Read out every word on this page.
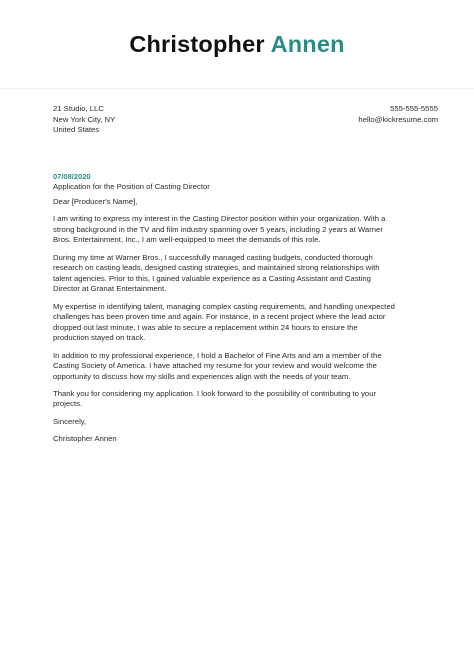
Christopher Annen
21 Studio, LLC
New York City, NY
United States
555-555-5555
hello@kickresume.com
07/08/2020
Application for the Position of Casting Director

Dear [Producer's Name],

I am writing to express my interest in the Casting Director position within your organization. With a
strong background in the TV and film industry spanning over 5 years, including 2 years at Warner
Bros. Entertainment, Inc., I am well-equipped to meet the demands of this role.

During my time at Warner Bros., I successfully managed casting budgets, conducted thorough
research on casting leads, designed casting strategies, and maintained strong relationships with
talent agencies. Prior to this, I gained valuable experience as a Casting Assistant and Casting
Director at Granat Entertainment.

My expertise in identifying talent, managing complex casting requirements, and handling unexpected
challenges has been proven time and again. For instance, in a recent project where the lead actor
dropped out last minute, I was able to secure a replacement within 24 hours to ensure the
production stayed on track.

In addition to my professional experience, I hold a Bachelor of Fine Arts and am a member of the
Casting Society of America. I have attached my resume for your review and would welcome the
opportunity to discuss how my skills and experiences align with the needs of your team.

Thank you for considering my application. I look forward to the possibility of contributing to your
projects.

Sincerely,

Christopher Annen
